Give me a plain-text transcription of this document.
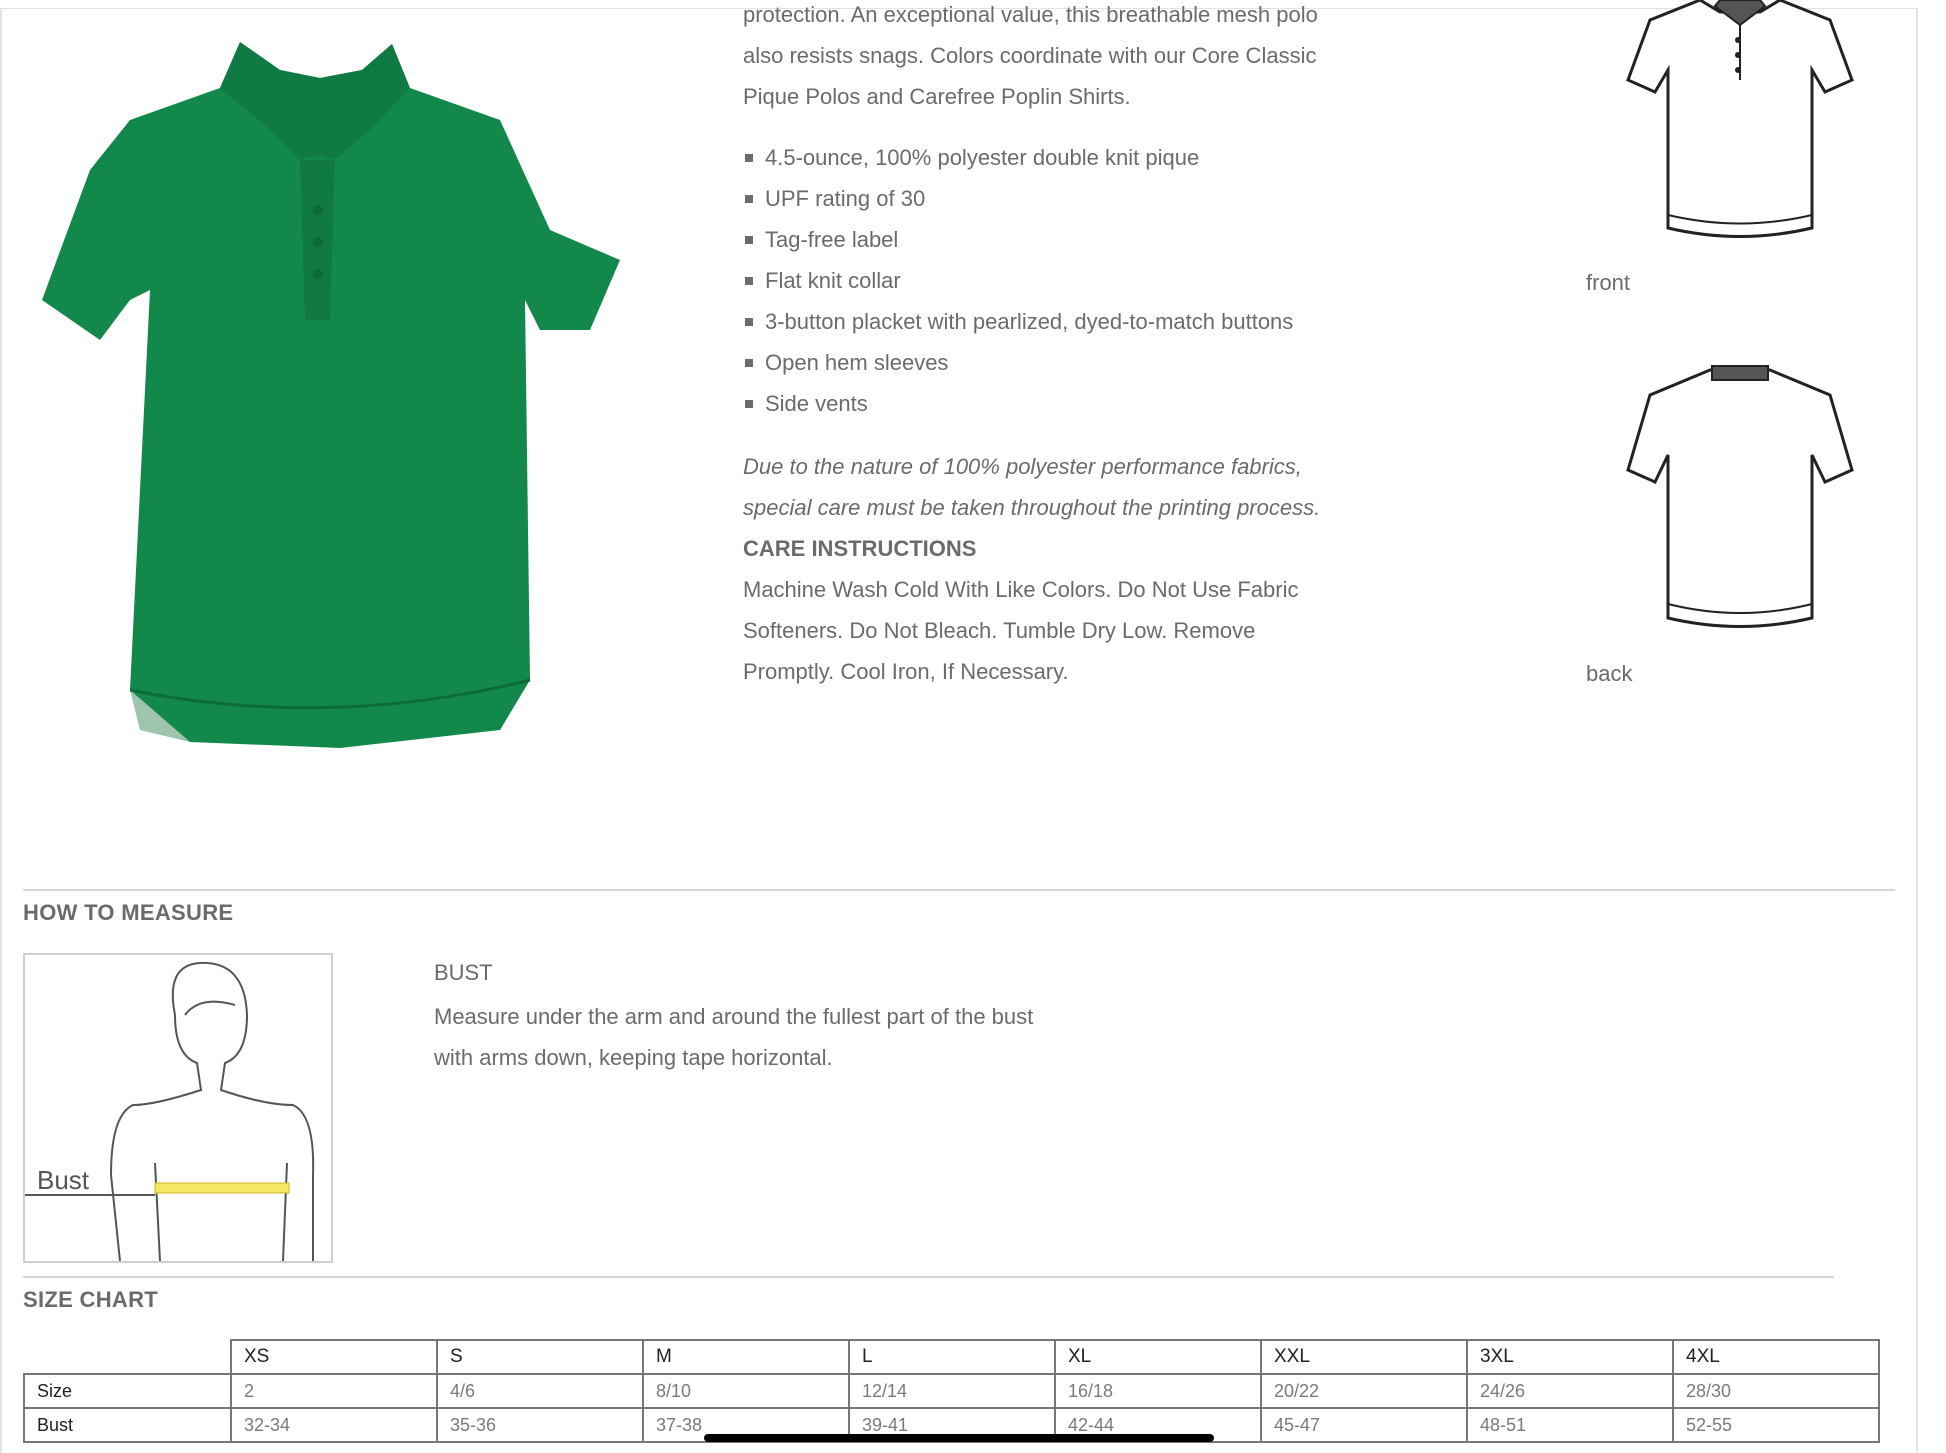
protection. An exceptional value, this breathable mesh polo

also resists snags. Colors coordinate with our Core Classic

Pique Polos and Carefree Poplin Shirts.

4.5-ounce, 100% polyester double knit pique
UPF rating of 30
Tag-free label
Flat knit collar
3-button placket with pearlized, dyed-to-match buttons
Open hem sleeves
Side vents

Due to the nature of 100% polyester performance fabrics,

special care must be taken throughout the printing process.

CARE INSTRUCTIONS

Machine Wash Cold With Like Colors. Do Not Use Fabric

Softeners. Do Not Bleach. Tumble Dry Low. Remove

Promptly. Cool Iron, If Necessary.

front
back
HOW TO MEASURE
Bust
BUST
Measure under the arm and around the fullest part of the bust
with arms down, keeping tape horizontal.
SIZE CHART
	XS	S	M	L	XL	XXL	3XL	4XL
Size	2	4/6	8/10	12/14	16/18	20/22	24/26	28/30
Bust	32-34	35-36	37-38	39-41	42-44	45-47	48-51	52-55
